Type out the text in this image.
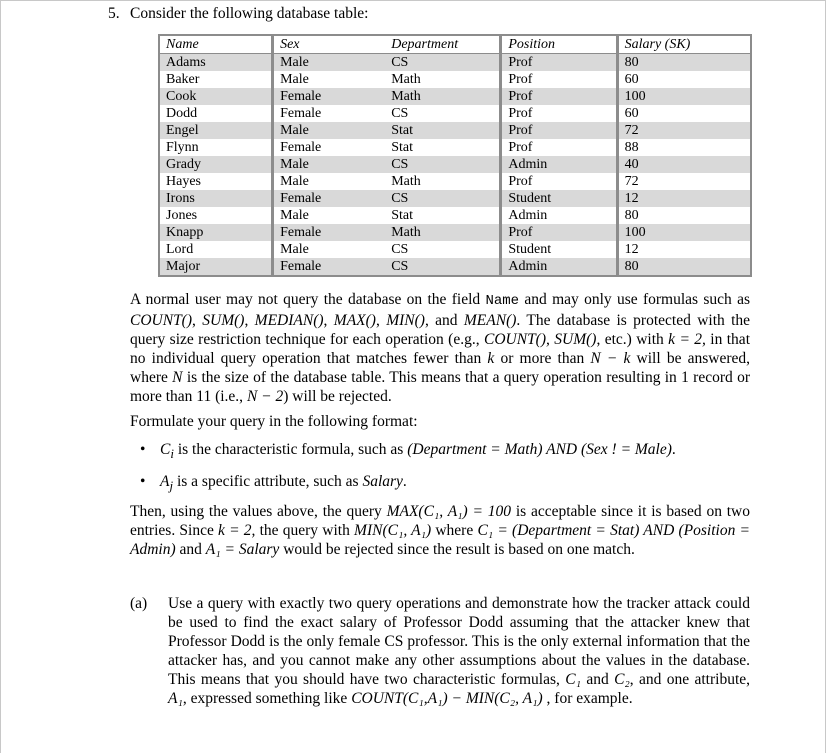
5. Consider the following database table:
Name	Sex	Department	Position	Salary (SK)
Adams	Male	CS	Prof	80
Baker	Male	Math	Prof	60
Cook	Female	Math	Prof	100
Dodd	Female	CS	Prof	60
Engel	Male	Stat	Prof	72
Flynn	Female	Stat	Prof	88
Grady	Male	CS	Admin	40
Hayes	Male	Math	Prof	72
Irons	Female	CS	Student	12
Jones	Male	Stat	Admin	80
Knapp	Female	Math	Prof	100
Lord	Male	CS	Student	12
Major	Female	CS	Admin	80
A normal user may not query the database on the field Name and may only use formulas such as COUNT(), SUM(), MEDIAN(), MAX(), MIN(), and MEAN(). The database is protected with the query size restriction technique for each operation (e.g., COUNT(), SUM(), etc.) with k = 2, in that no individual query operation that matches fewer than k or more than N − k will be answered, where N is the size of the database table. This means that a query operation resulting in 1 record or more than 11 (i.e., N − 2) will be rejected.
Formulate your query in the following format:
• $C_i$ is the characteristic formula, such as (Department = Math) AND (Sex ! = Male).
• $A_j$ is a specific attribute, such as Salary.
Then, using the values above, the query MAX(C₁, A₁) = 100 is acceptable since it is based on two entries. Since k = 2, the query with MIN(C₁, A₁) where C₁ = (Department = Stat) AND (Position = Admin) and A₁ = Salary would be rejected since the result is based on one match.
(a)	Use a query with exactly two query operations and demonstrate how the tracker attack could be used to find the exact salary of Professor Dodd assuming that the attacker knew that Professor Dodd is the only female CS professor. This is the only external information that the attacker has, and you cannot make any other assumptions about the values in the database. This means that you should have two characteristic formulas, C₁ and C₂, and one attribute, A₁, expressed something like COUNT(C₁,A₁) − MIN(C₂, A₁) , for example.
